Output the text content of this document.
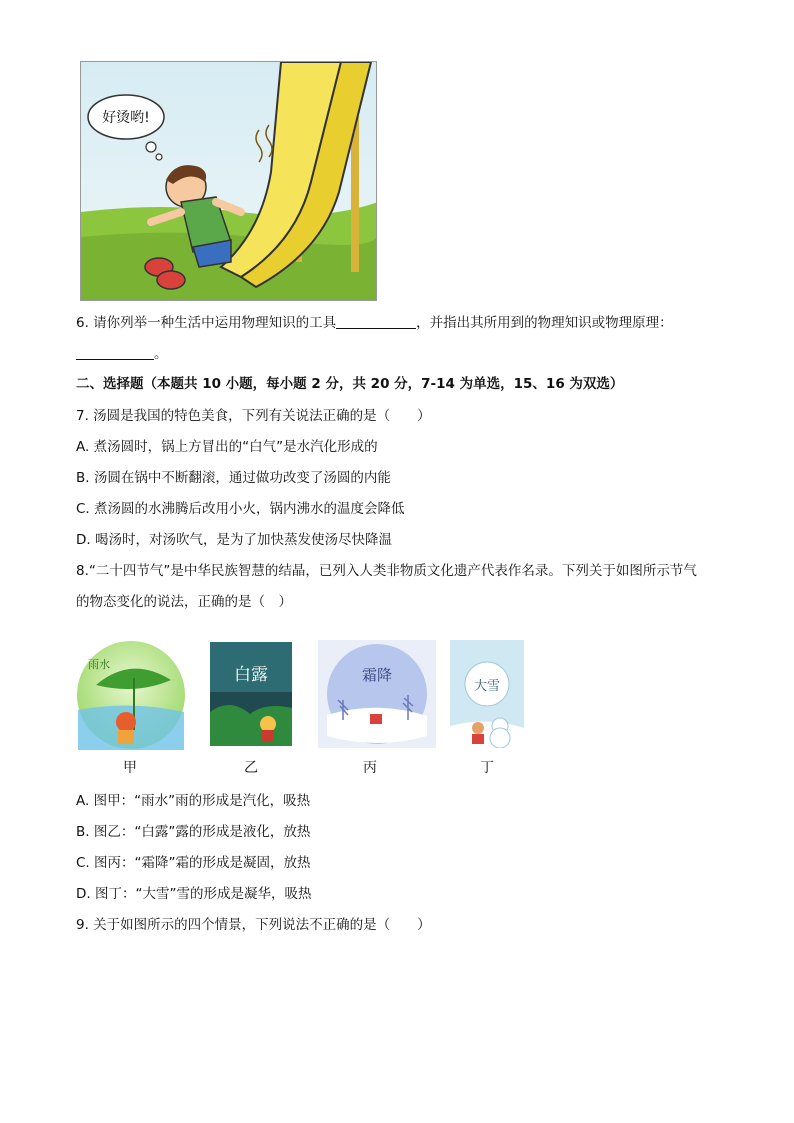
好烫哟!
6. 请你列举一种生活中运用物理知识的工具	，并指出其所用到的物理知识或物理原理：
。
二、选择题（本题共 10 小题，每小题 2 分，共 20 分，7-14 为单选，15、16 为双选）
7. 汤圆是我国的特色美食，下列有关说法正确的是（　　）
A. 煮汤圆时，锅上方冒出的“白气”是水汽化形成的
B. 汤圆在锅中不断翻滚，通过做功改变了汤圆的内能
C. 煮汤圆的水沸腾后改用小火，锅内沸水的温度会降低
D. 喝汤时，对汤吹气，是为了加快蒸发使汤尽快降温
8.“二十四节气”是中华民族智慧的结晶，已列入人类非物质文化遗产代表作名录。下列关于如图所示节气
的物态变化的说法，正确的是（　）
雨水
白露	霜降
大雪
甲	乙	丙	丁
A. 图甲：“雨水”雨的形成是汽化，吸热
B. 图乙：“白露”露的形成是液化，放热
C. 图丙：“霜降”霜的形成是凝固，放热
D. 图丁：“大雪”雪的形成是凝华，吸热
9. 关于如图所示的四个情景，下列说法不正确的是（　　）
